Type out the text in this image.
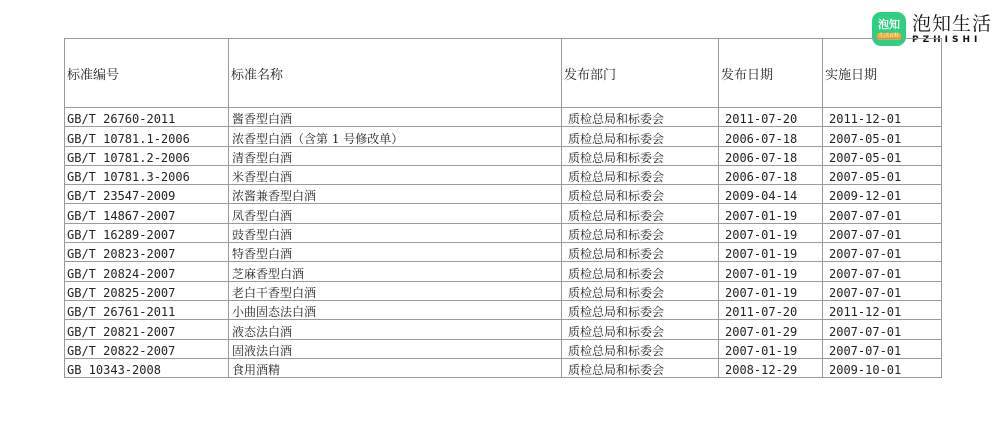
泡知
生活百科
泡知生活
PZHISHI
标准编号	标准名称	发布部门	发布日期	实施日期
GB/T 26760-2011	酱香型白酒	质检总局和标委会	2011-07-20	2011-12-01
GB/T 10781.1-2006	浓香型白酒（含第 1 号修改单）	质检总局和标委会	2006-07-18	2007-05-01
GB/T 10781.2-2006	清香型白酒	质检总局和标委会	2006-07-18	2007-05-01
GB/T 10781.3-2006	米香型白酒	质检总局和标委会	2006-07-18	2007-05-01
GB/T 23547-2009	浓酱兼香型白酒	质检总局和标委会	2009-04-14	2009-12-01
GB/T 14867-2007	凤香型白酒	质检总局和标委会	2007-01-19	2007-07-01
GB/T 16289-2007	豉香型白酒	质检总局和标委会	2007-01-19	2007-07-01
GB/T 20823-2007	特香型白酒	质检总局和标委会	2007-01-19	2007-07-01
GB/T 20824-2007	芝麻香型白酒	质检总局和标委会	2007-01-19	2007-07-01
GB/T 20825-2007	老白干香型白酒	质检总局和标委会	2007-01-19	2007-07-01
GB/T 26761-2011	小曲固态法白酒	质检总局和标委会	2011-07-20	2011-12-01
GB/T 20821-2007	液态法白酒	质检总局和标委会	2007-01-29	2007-07-01
GB/T 20822-2007	固液法白酒	质检总局和标委会	2007-01-19	2007-07-01
GB 10343-2008	食用酒精	质检总局和标委会	2008-12-29	2009-10-01
